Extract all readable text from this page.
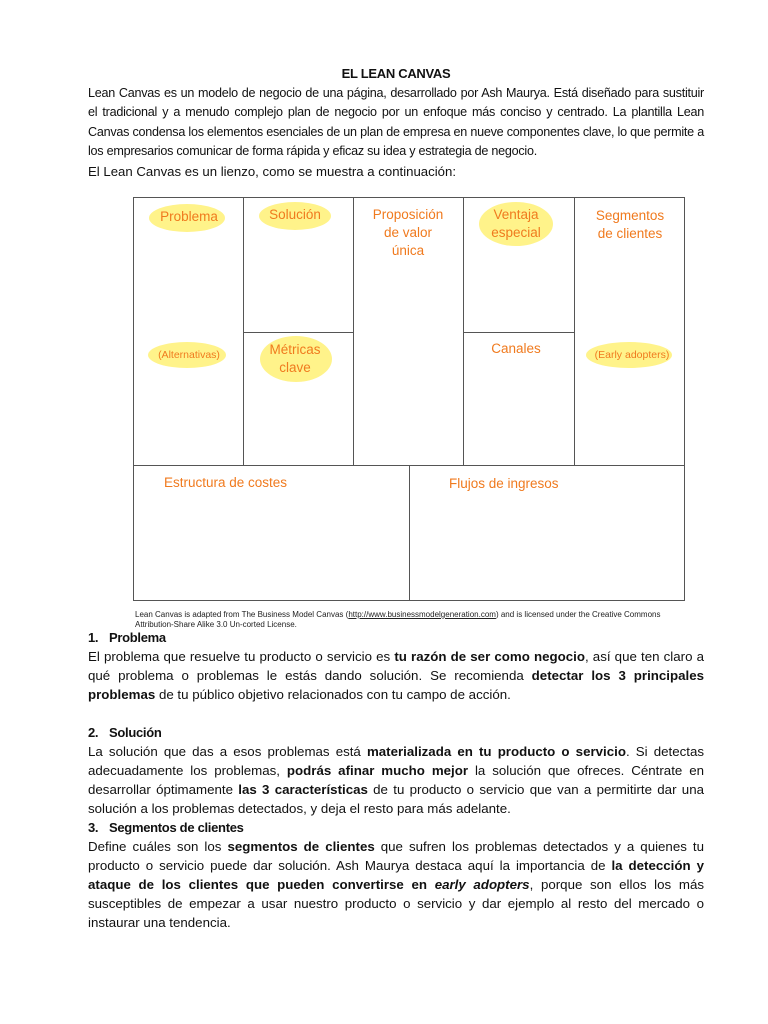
EL LEAN CANVAS
Lean Canvas es un modelo de negocio de una página, desarrollado por Ash Maurya. Está diseñado para sustituir el tradicional y a menudo complejo plan de negocio por un enfoque más conciso y centrado. La plantilla Lean Canvas condensa los elementos esenciales de un plan de empresa en nueve componentes clave, lo que permite a los empresarios comunicar de forma rápida y eficaz su idea y estrategia de negocio.
El Lean Canvas es un lienzo, como se muestra a continuación:
Problema	Solución	Proposición
de valor
única
Ventaja
especial
Segmentos
de clientes
(Alternativas)	Métricas
clave
Canales	(Early adopters)
Estructura de costes	Flujos de ingresos
Lean Canvas is adapted from The Business Model Canvas (http://www.businessmodelgeneration.com) and is licensed under the Creative Commons
Attribution-Share Alike 3.0 Un-corted License.
1. Problema
El problema que resuelve tu producto o servicio es tu razón de ser como negocio, así que ten claro a qué problema o problemas le estás dando solución. Se recomienda detectar los 3 principales problemas de tu público objetivo relacionados con tu campo de acción.
2. Solución
La solución que das a esos problemas está materializada en tu producto o servicio. Si detectas adecuadamente los problemas, podrás afinar mucho mejor la solución que ofreces. Céntrate en desarrollar óptimamente las 3 características de tu producto o servicio que van a permitirte dar una solución a los problemas detectados, y deja el resto para más adelante.
3. Segmentos de clientes
Define cuáles son los segmentos de clientes que sufren los problemas detectados y a quienes tu producto o servicio puede dar solución. Ash Maurya destaca aquí la importancia de la detección y ataque de los clientes que pueden convertirse en early adopters, porque son ellos los más susceptibles de empezar a usar nuestro producto o servicio y dar ejemplo al resto del mercado o instaurar una tendencia.
